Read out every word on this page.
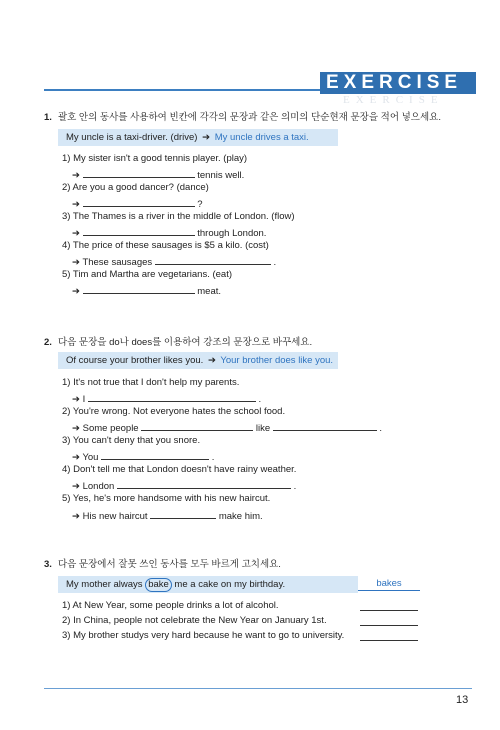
EXERCISE
EXERCISE
1. 괄호 안의 동사를 사용하여 빈칸에 각각의 문장과 같은 의미의 단순현재 문장을 적어 넣으세요.
My uncle is a taxi-driver. (drive) ➔ My uncle drives a taxi.
1) My sister isn't a good tennis player. (play)
➔	tennis well.
2) Are you a good dancer? (dance)
➔	?
3) The Thames is a river in the middle of London. (flow)
➔	through London.
4) The price of these sausages is $5 a kilo. (cost)
➔ These sausages	.
5) Tim and Martha are vegetarians. (eat)
➔	meat.
2. 다음 문장을 do나 does를 이용하여 강조의 문장으로 바꾸세요.
Of course your brother likes you. ➔ Your brother does like you.
1) It's not true that I don't help my parents.
➔ I	.
2) You're wrong. Not everyone hates the school food.
➔ Some people	like	.
3) You can't deny that you snore.
➔ You	.
4) Don't tell me that London doesn't have rainy weather.
➔ London	.
5) Yes, he's more handsome with his new haircut.
➔ His new haircut	make him.
3. 다음 문장에서 잘못 쓰인 동사를 모두 바르게 고치세요.
My mother always bake me a cake on my birthday.	bakes
1) At New Year, some people drinks a lot of alcohol.
2) In China, people not celebrate the New Year on January 1st.
3) My brother studys very hard because he want to go to university.
13
